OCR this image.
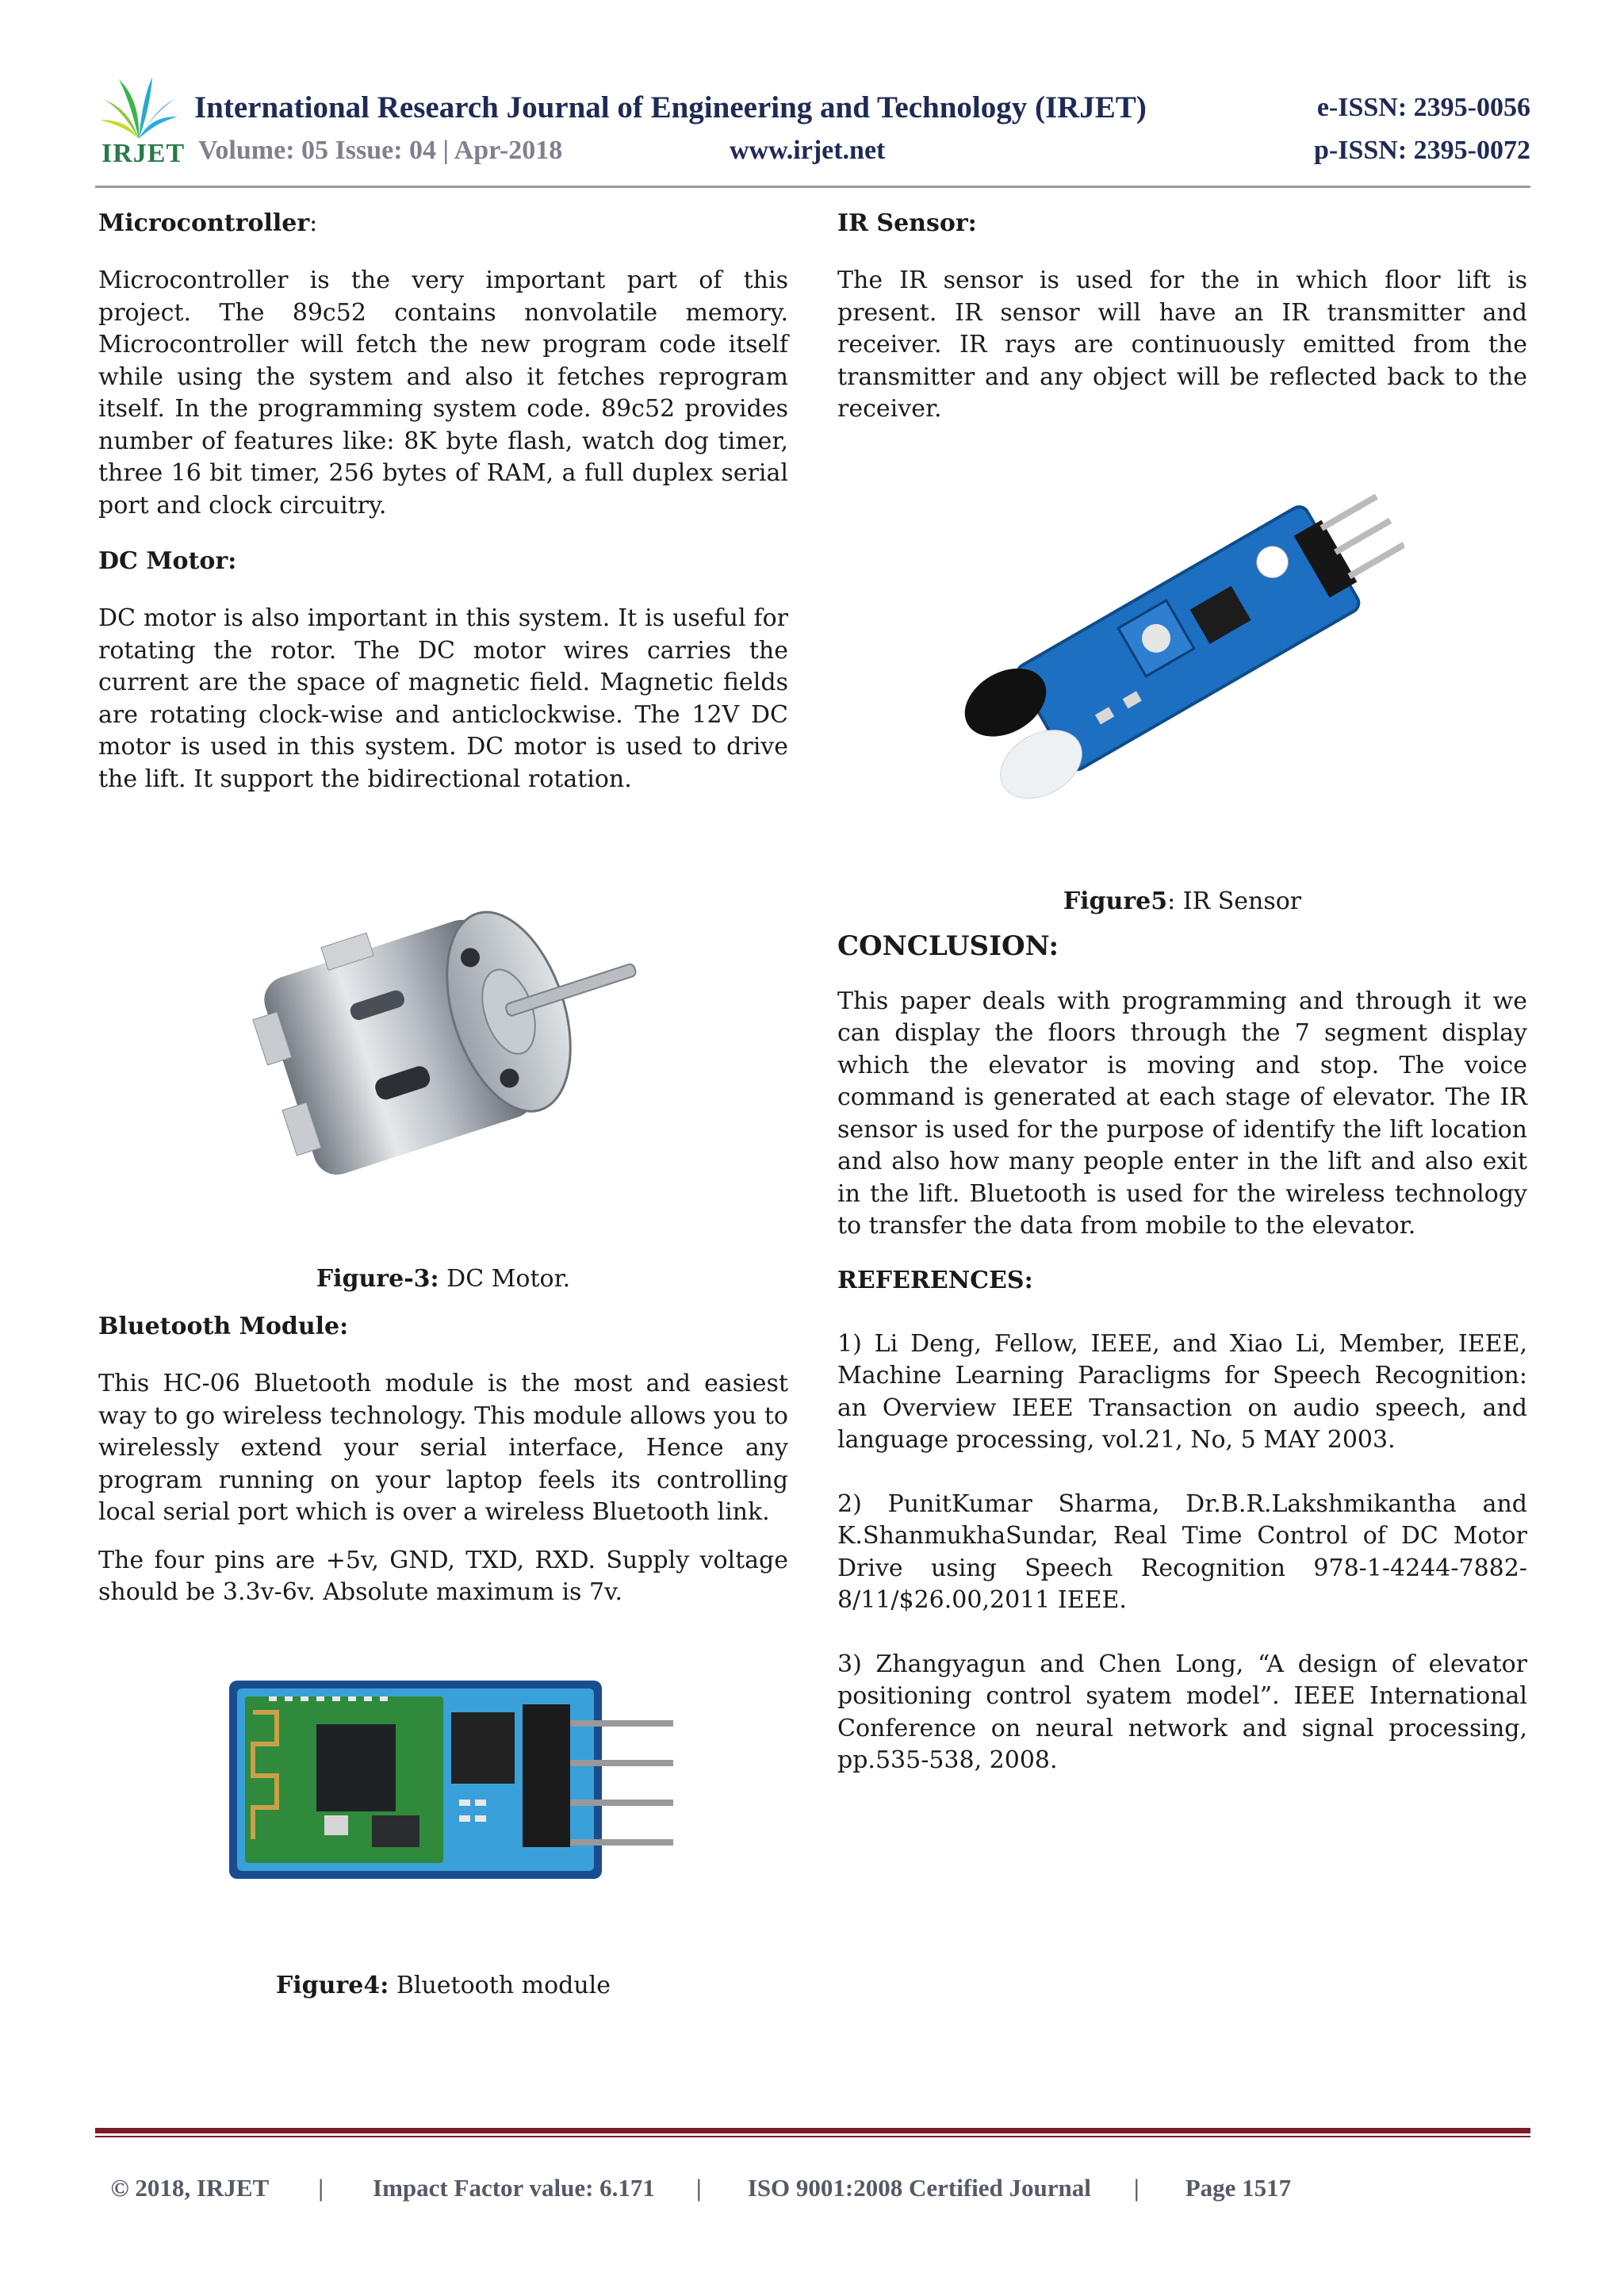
IRJET
International Research Journal of Engineering and Technology (IRJET)	e-ISSN: 2395-0056
Volume: 05 Issue: 04 | Apr-2018	www.irjet.net	p-ISSN: 2395-0072

Microcontroller:

Microcontroller is the very important part of this project. The 89c52 contains nonvolatile memory. Microcontroller will fetch the new program code itself while using the system and also it fetches reprogram itself. In the programming system code. 89c52 provides number of features like: 8K byte flash, watch dog timer, three 16 bit timer, 256 bytes of RAM, a full duplex serial port and clock circuitry.

DC Motor:

DC motor is also important in this system. It is useful for rotating the rotor. The DC motor wires carries the current are the space of magnetic field. Magnetic fields are rotating clock-wise and anticlockwise. The 12V DC motor is used in this system. DC motor is used to drive the lift. It support the bidirectional rotation.

Figure-3: DC Motor.

Bluetooth Module:

This HC-06 Bluetooth module is the most and easiest way to go wireless technology. This module allows you to wirelessly extend your serial interface, Hence any program running on your laptop feels its controlling local serial port which is over a wireless Bluetooth link.

The four pins are +5v, GND, TXD, RXD. Supply voltage should be 3.3v-6v. Absolute maximum is 7v.

Figure4: Bluetooth module

IR Sensor:

The IR sensor is used for the in which floor lift is present. IR sensor will have an IR transmitter and receiver. IR rays are continuously emitted from the transmitter and any object will be reflected back to the receiver.

Figure5: IR Sensor

CONCLUSION:

This paper deals with programming and through it we can display the floors through the 7 segment display which the elevator is moving and stop. The voice command is generated at each stage of elevator. The IR sensor is used for the purpose of identify the lift location and also how many people enter in the lift and also exit in the lift. Bluetooth is used for the wireless technology to transfer the data from mobile to the elevator.

REFERENCES:

1) Li Deng, Fellow, IEEE, and Xiao Li, Member, IEEE, Machine Learning Paracligms for Speech Recognition: an Overview IEEE Transaction on audio speech, and language processing, vol.21, No, 5 MAY 2003.

2) PunitKumar Sharma, Dr.B.R.Lakshmikantha and K.ShanmukhaSundar, Real Time Control of DC Motor Drive using Speech Recognition 978-1-4244-7882-8/11/$26.00,2011 IEEE.

3) Zhangyagun and Chen Long, “A design of elevator positioning control syatem model”. IEEE International Conference on neural network and signal processing, pp.535-538, 2008.

© 2018, IRJET | Impact Factor value: 6.171 | ISO 9001:2008 Certified Journal | Page 1517
